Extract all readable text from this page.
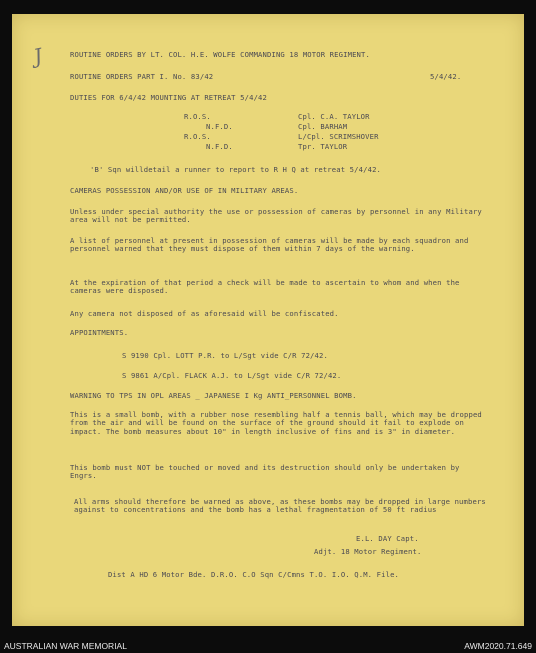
J	ROUTINE ORDERS BY LT. COL. H.E. WOLFE COMMANDING 18 MOTOR REGIMENT.
ROUTINE ORDERS PART I. No. 83/42	5/4/42.
DUTIES FOR 6/4/42 MOUNTING AT RETREAT 5/4/42
R.O.S.	Cpl. C.A. TAYLOR
N.F.D.	Cpl. BARHAM
R.O.S.	L/Cpl. SCRIMSHOVER
N.F.D.	Tpr. TAYLOR
'B' Sqn willdetail a runner to report to R H Q at retreat 5/4/42.
CAMERAS POSSESSION AND/OR USE OF IN MILITARY AREAS.
Unless under special authority the use or possession of cameras by personnel in any Military area will not be permitted.
A list of personnel at present in possession of cameras will be made by each squadron and personnel warned that they must dispose of them within 7 days of the warning.
At the expiration of that period a check will be made to ascertain to whom and when the cameras were disposed.
Any camera not disposed of as aforesaid will be confiscated.
APPOINTMENTS.
S 9190 Cpl. LOTT P.R. to L/Sgt vide C/R 72/42.
S 9861 A/Cpl. FLACK A.J. to L/Sgt vide C/R 72/42.
WARNING TO TPS IN OPL AREAS _ JAPANESE I Kg ANTI_PERSONNEL BOMB.
This is a small bomb, with a rubber nose resembling half a tennis ball, which may be dropped from the air and will be found on the surface of the ground should it fail to explode on impact. The bomb measures about 10" in length inclusive of fins and is 3" in diameter.
This bomb must NOT be touched or moved and its destruction should only be undertaken by Engrs.
All arms should therefore be warned as above, as these bombs may be dropped in large numbers against to concentrations and the bomb has a lethal fragmentation of 50 ft radius
E.L. DAY Capt.
Adjt. 18 Motor Regiment.
Dist A HD 6 Motor Bde. D.R.O. C.O Sqn C/Cmns T.O. I.O. Q.M. File.
AUSTRALIAN WAR MEMORIAL	AWM2020.71.649
